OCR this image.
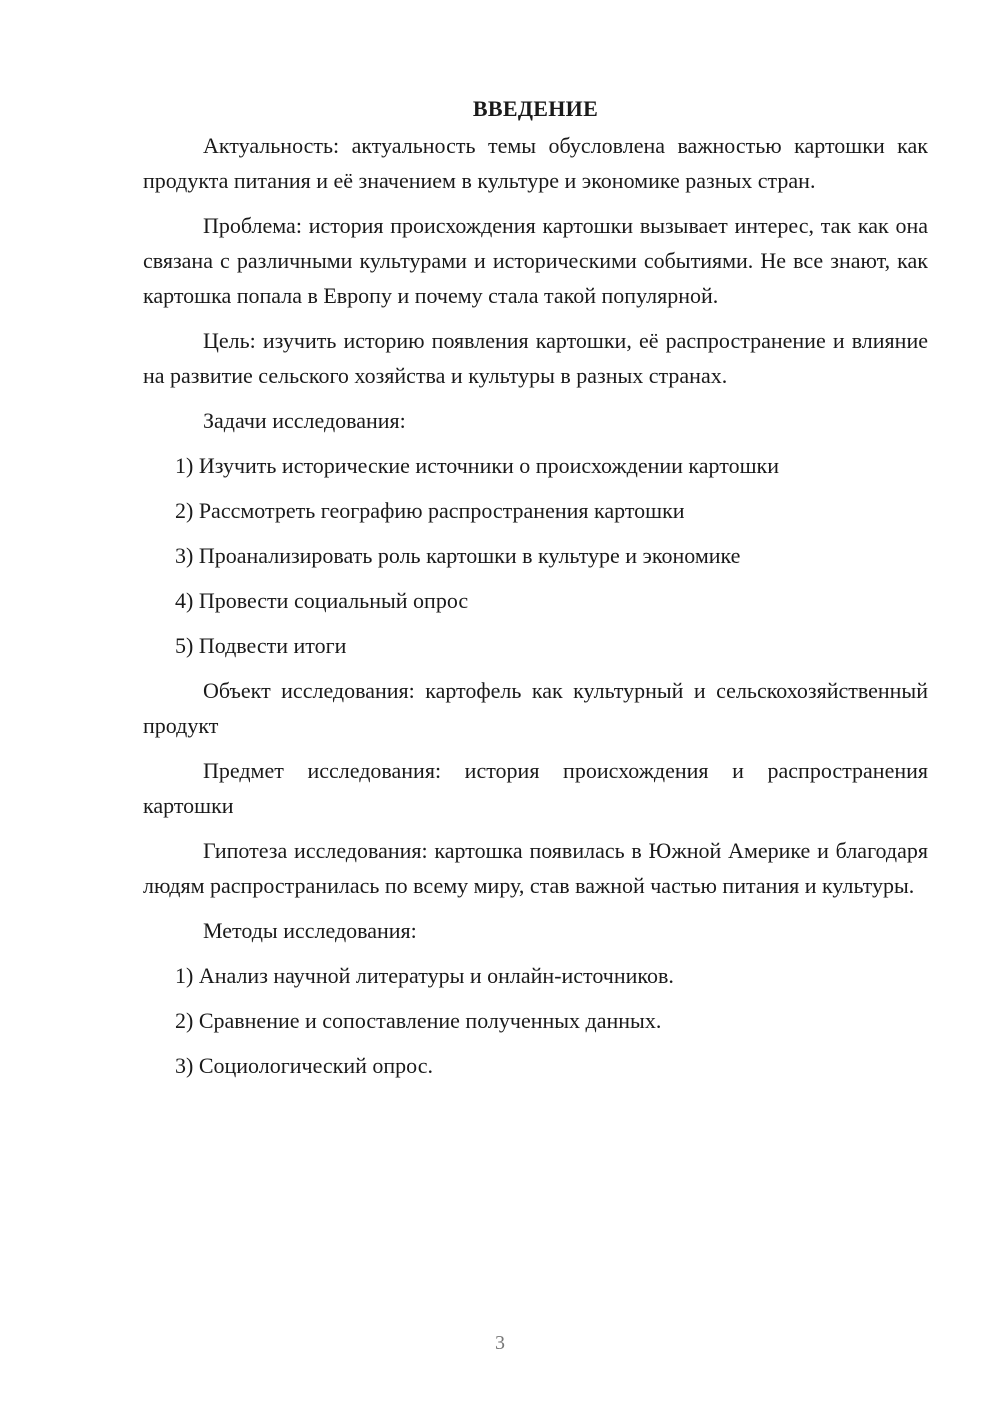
ВВЕДЕНИЕ

Актуальность: актуальность темы обусловлена важностью картошки как продукта питания и её значением в культуре и экономике разных стран.

Проблема: история происхождения картошки вызывает интерес, так как она связана с различными культурами и историческими событиями. Не все знают, как картошка попала в Европу и почему стала такой популярной.

Цель: изучить историю появления картошки, её распространение и влияние на развитие сельского хозяйства и культуры в разных странах.

Задачи исследования:

1) Изучить исторические источники о происхождении картошки
2) Рассмотреть географию распространения картошки
3) Проанализировать роль картошки в культуре и экономике
4) Провести социальный опрос
5) Подвести итоги

Объект исследования: картофель как культурный и сельскохозяйственный продукт

Предмет исследования: история происхождения и распространения картошки

Гипотеза исследования: картошка появилась в Южной Америке и благодаря людям распространилась по всему миру, став важной частью питания и культуры.

Методы исследования:

1) Анализ научной литературы и онлайн-источников.
2) Сравнение и сопоставление полученных данных.
3) Социологический опрос.
3
